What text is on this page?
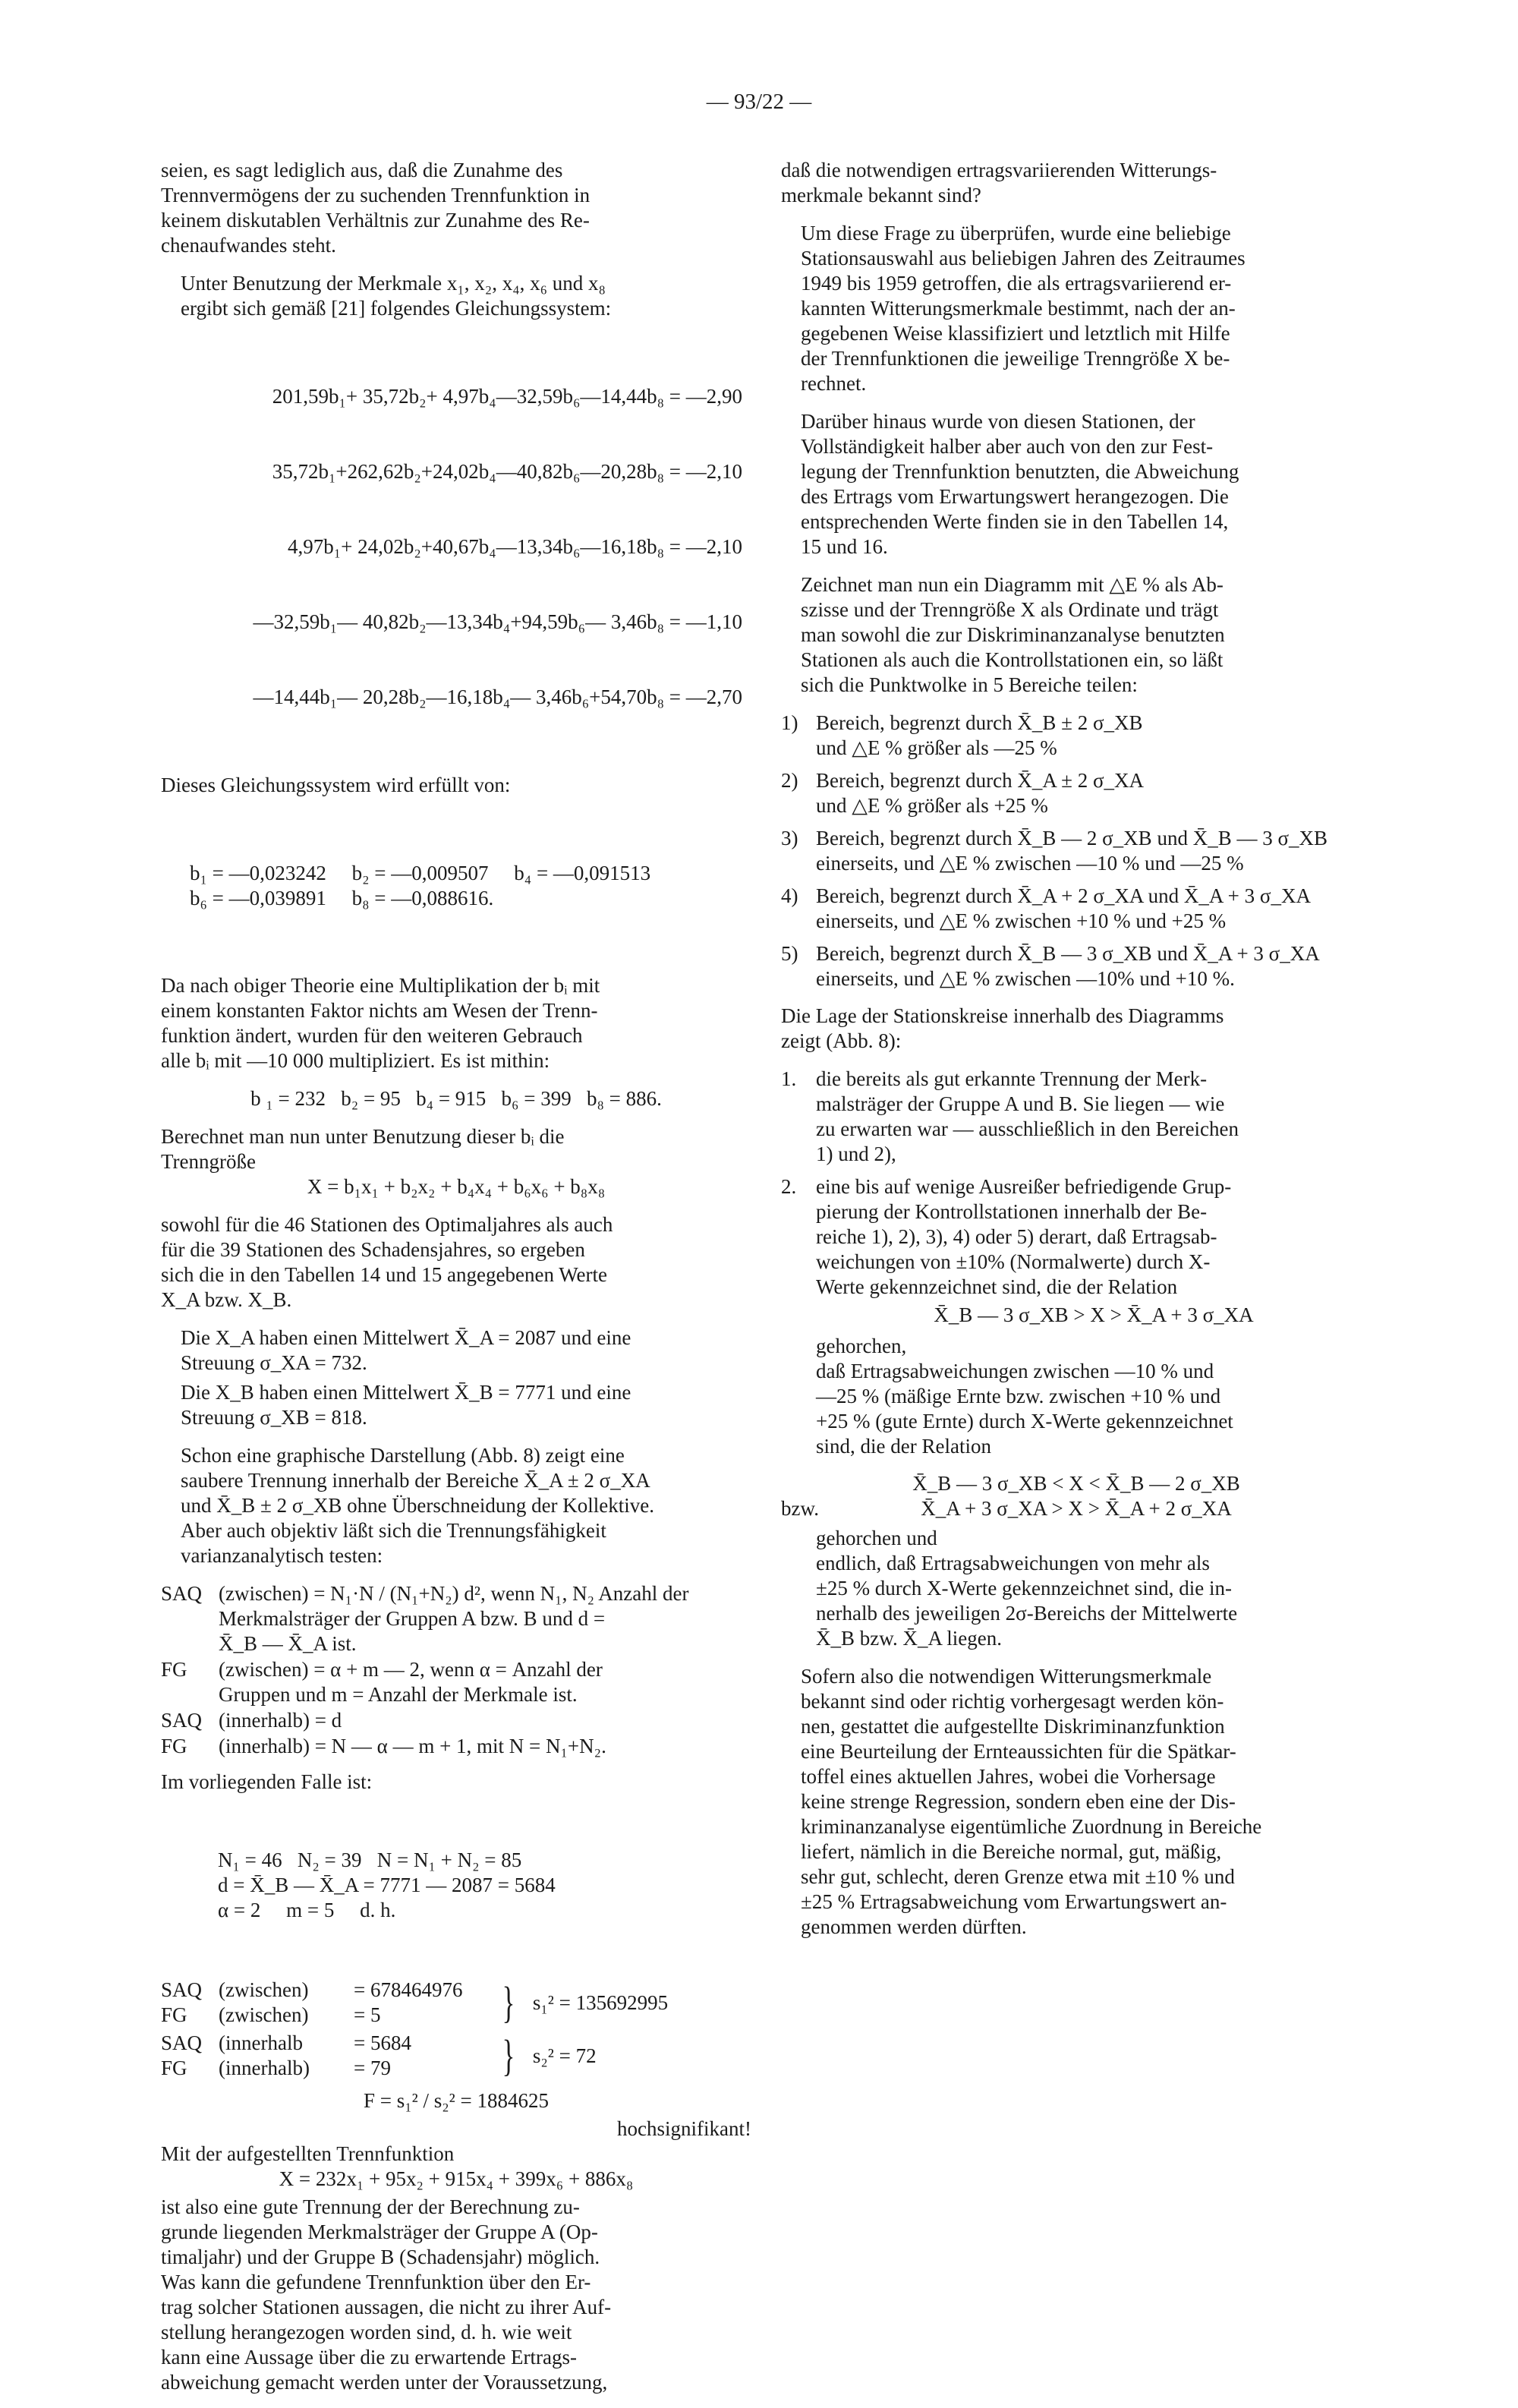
— 93/22 —

seien, es sagt lediglich aus, daß die Zunahme des
Trennvermögens der zu suchenden Trennfunktion in
keinem diskutablen Verhältnis zur Zunahme des Re-
chenaufwandes steht.

Unter Benutzung der Merkmale x₁, x₂, x₄, x₆ und x₈
ergibt sich gemäß [21] folgendes Gleichungssystem:

201,59b₁+ 35,72b₂+ 4,97b₄—32,59b₆—14,44b₈ = —2,90

35,72b₁+262,62b₂+24,02b₄—40,82b₆—20,28b₈ = —2,10

4,97b₁+ 24,02b₂+40,67b₄—13,34b₆—16,18b₈ = —2,10

—32,59b₁— 40,82b₂—13,34b₄+94,59b₆— 3,46b₈ = —1,10

—14,44b₁— 20,28b₂—16,18b₄— 3,46b₆+54,70b₈ = —2,70

Dieses Gleichungssystem wird erfüllt von:

b₁ = —0,023242     b₂ = —0,009507     b₄ = —0,091513
b₆ = —0,039891     b₈ = —0,088616.

Da nach obiger Theorie eine Multiplikation der bᵢ mit
einem konstanten Faktor nichts am Wesen der Trenn-
funktion ändert, wurden für den weiteren Gebrauch
alle bᵢ mit —10 000 multipliziert. Es ist mithin:

b ₁ = 232   b₂ = 95   b₄ = 915   b₆ = 399   b₈ = 886.

Berechnet man nun unter Benutzung dieser bᵢ die
Trenngröße
X = b₁x₁ + b₂x₂ + b₄x₄ + b₆x₆ + b₈x₈

sowohl für die 46 Stationen des Optimaljahres als auch
für die 39 Stationen des Schadensjahres, so ergeben
sich die in den Tabellen 14 und 15 angegebenen Werte
X_A bzw. X_B.

Die X_A haben einen Mittelwert X̄_A = 2087 und eine
Streuung σ_XA = 732.

Die X_B haben einen Mittelwert X̄_B = 7771 und eine
Streuung σ_XB = 818.

Schon eine graphische Darstellung (Abb. 8) zeigt eine
saubere Trennung innerhalb der Bereiche X̄_A ± 2 σ_XA
und X̄_B ± 2 σ_XB ohne Überschneidung der Kollektive.
Aber auch objektiv läßt sich die Trennungsfähigkeit
varianzanalytisch testen:

SAQ (zwischen) = N₁·N / (N₁+N₂) d², wenn N₁, N₂ Anzahl der
Merkmalsträger der Gruppen A bzw. B und d =
X̄_B — X̄_A ist.
FG	(zwischen) = α + m — 2, wenn α = Anzahl der
Gruppen und m = Anzahl der Merkmale ist.
SAQ (innerhalb) = d
FG	(innerhalb) = N — α — m + 1, mit N = N₁+N₂.

Im vorliegenden Falle ist:

N₁ = 46   N₂ = 39   N = N₁ + N₂ = 85
d = X̄_B — X̄_A = 7771 — 2087 = 5684
α = 2     m = 5     d. h.

SAQ (zwischen)	= 678464976
FG	(zwischen)	= 5	} s₁² = 135692995
SAQ (innerhalb	= 5684
FG	(innerhalb)	= 79	} s₂² = 72
F = s₁² / s₂² = 1884625
hochsignifikant!

Mit der aufgestellten Trennfunktion
X = 232x₁ + 95x₂ + 915x₄ + 399x₆ + 886x₈

ist also eine gute Trennung der der Berechnung zu-
grunde liegenden Merkmalsträger der Gruppe A (Op-
timaljahr) und der Gruppe B (Schadensjahr) möglich.
Was kann die gefundene Trennfunktion über den Er-
trag solcher Stationen aussagen, die nicht zu ihrer Auf-
stellung herangezogen worden sind, d. h. wie weit
kann eine Aussage über die zu erwartende Ertrags-
abweichung gemacht werden unter der Voraussetzung,

daß die notwendigen ertragsvariierenden Witterungs-
merkmale bekannt sind?

Um diese Frage zu überprüfen, wurde eine beliebige
Stationsauswahl aus beliebigen Jahren des Zeitraumes
1949 bis 1959 getroffen, die als ertragsvariierend er-
kannten Witterungsmerkmale bestimmt, nach der an-
gegebenen Weise klassifiziert und letztlich mit Hilfe
der Trennfunktionen die jeweilige Trenngröße X be-
rechnet.

Darüber hinaus wurde von diesen Stationen, der
Vollständigkeit halber aber auch von den zur Fest-
legung der Trennfunktion benutzten, die Abweichung
des Ertrags vom Erwartungswert herangezogen. Die
entsprechenden Werte finden sie in den Tabellen 14,
15 und 16.

Zeichnet man nun ein Diagramm mit △E % als Ab-
szisse und der Trenngröße X als Ordinate und trägt
man sowohl die zur Diskriminanzanalyse benutzten
Stationen als auch die Kontrollstationen ein, so läßt
sich die Punktwolke in 5 Bereiche teilen:

1) Bereich, begrenzt durch X̄_B ± 2 σ_XB
und △E % größer als —25 %
2) Bereich, begrenzt durch X̄_A ± 2 σ_XA
und △E % größer als +25 %
3) Bereich, begrenzt durch X̄_B — 2 σ_XB und X̄_B — 3 σ_XB
einerseits, und △E % zwischen —10 % und —25 %
4) Bereich, begrenzt durch X̄_A + 2 σ_XA und X̄_A + 3 σ_XA
einerseits, und △E % zwischen +10 % und +25 %
5) Bereich, begrenzt durch X̄_B — 3 σ_XB und X̄_A + 3 σ_XA
einerseits, und △E % zwischen —10% und +10 %.

Die Lage der Stationskreise innerhalb des Diagramms
zeigt (Abb. 8):

1. die bereits als gut erkannte Trennung der Merk-
malsträger der Gruppe A und B. Sie liegen — wie
zu erwarten war — ausschließlich in den Bereichen
1) und 2),
2. eine bis auf wenige Ausreißer befriedigende Grup-
pierung der Kontrollstationen innerhalb der Be-
reiche 1), 2), 3), 4) oder 5) derart, daß Ertragsab-
weichungen von ±10% (Normalwerte) durch X-
Werte gekennzeichnet sind, die der Relation
X̄_B — 3 σ_XB > X > X̄_A + 3 σ_XA
gehorchen,
daß Ertragsabweichungen zwischen —10 % und
—25 % (mäßige Ernte bzw. zwischen +10 % und
+25 % (gute Ernte) durch X-Werte gekennzeichnet
sind, die der Relation
X̄_B — 3 σ_XB < X < X̄_B — 2 σ_XB
bzw.	X̄_A + 3 σ_XA > X > X̄_A + 2 σ_XA
gehorchen und
endlich, daß Ertragsabweichungen von mehr als
±25 % durch X-Werte gekennzeichnet sind, die in-
nerhalb des jeweiligen 2σ-Bereichs der Mittelwerte
X̄_B bzw. X̄_A liegen.

Sofern also die notwendigen Witterungsmerkmale
bekannt sind oder richtig vorhergesagt werden kön-
nen, gestattet die aufgestellte Diskriminanzfunktion
eine Beurteilung der Ernteaussichten für die Spätkar-
toffel eines aktuellen Jahres, wobei die Vorhersage
keine strenge Regression, sondern eben eine der Dis-
kriminanzanalyse eigentümliche Zuordnung in Bereiche
liefert, nämlich in die Bereiche normal, gut, mäßig,
sehr gut, schlecht, deren Grenze etwa mit ±10 % und
±25 % Ertragsabweichung vom Erwartungswert an-
genommen werden dürften.
